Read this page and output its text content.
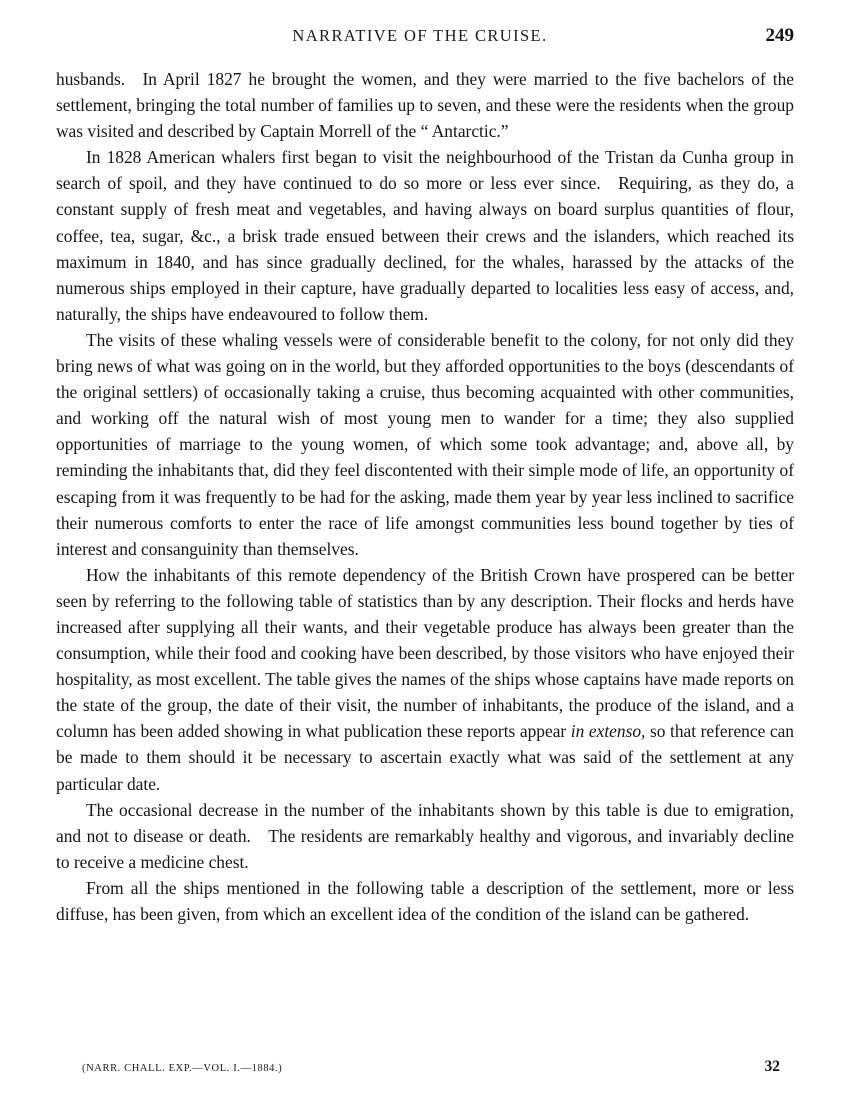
NARRATIVE OF THE CRUISE.	249

husbands. In April 1827 he brought the women, and they were married to the five bachelors of the settlement, bringing the total number of families up to seven, and these were the residents when the group was visited and described by Captain Morrell of the “ Antarctic.”

In 1828 American whalers first began to visit the neighbourhood of the Tristan da Cunha group in search of spoil, and they have continued to do so more or less ever since. Requiring, as they do, a constant supply of fresh meat and vegetables, and having always on board surplus quantities of flour, coffee, tea, sugar, &c., a brisk trade ensued between their crews and the islanders, which reached its maximum in 1840, and has since gradually declined, for the whales, harassed by the attacks of the numerous ships employed in their capture, have gradually departed to localities less easy of access, and, naturally, the ships have endeavoured to follow them.

The visits of these whaling vessels were of considerable benefit to the colony, for not only did they bring news of what was going on in the world, but they afforded opportunities to the boys (descendants of the original settlers) of occasionally taking a cruise, thus becoming acquainted with other communities, and working off the natural wish of most young men to wander for a time; they also supplied opportunities of marriage to the young women, of which some took advantage; and, above all, by reminding the inhabitants that, did they feel discontented with their simple mode of life, an opportunity of escaping from it was frequently to be had for the asking, made them year by year less inclined to sacrifice their numerous comforts to enter the race of life amongst communities less bound together by ties of interest and consanguinity than themselves.

How the inhabitants of this remote dependency of the British Crown have prospered can be better seen by referring to the following table of statistics than by any description. Their flocks and herds have increased after supplying all their wants, and their vegetable produce has always been greater than the consumption, while their food and cooking have been described, by those visitors who have enjoyed their hospitality, as most excellent. The table gives the names of the ships whose captains have made reports on the state of the group, the date of their visit, the number of inhabitants, the produce of the island, and a column has been added showing in what publication these reports appear in extenso, so that reference can be made to them should it be necessary to ascertain exactly what was said of the settlement at any particular date.

The occasional decrease in the number of the inhabitants shown by this table is due to emigration, and not to disease or death. The residents are remarkably healthy and vigorous, and invariably decline to receive a medicine chest.

From all the ships mentioned in the following table a description of the settlement, more or less diffuse, has been given, from which an excellent idea of the condition of the island can be gathered.

(NARR. CHALL. EXP.—VOL. I.—1884.)	32
